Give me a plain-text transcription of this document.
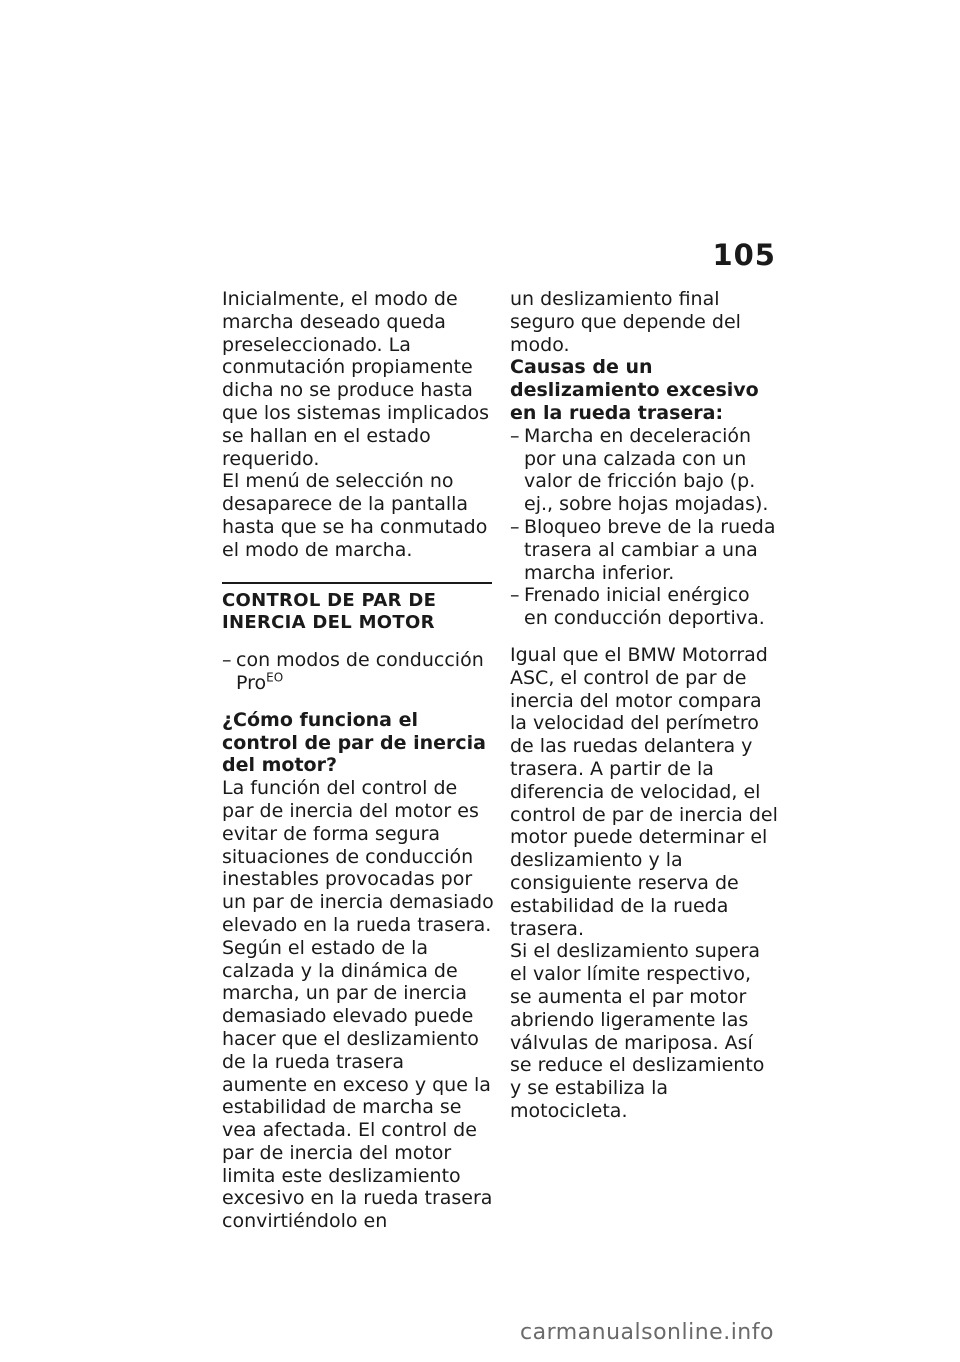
105

Inicialmente, el modo de marcha deseado queda preseleccionado. La conmutación propiamente dicha no se produce hasta que los sistemas implicados se hallan en el estado requerido.

El menú de selección no desaparece de la pantalla hasta que se ha conmutado el modo de marcha.

CONTROL DE PAR DE INERCIA DEL MOTOR

– con modos de conducción Pro$^{EO}$

¿Cómo funciona el control de par de inercia del motor?

La función del control de par de inercia del motor es evitar de forma segura situaciones de conducción inestables provocadas por un par de inercia demasiado elevado en la rueda trasera. Según el estado de la calzada y la dinámica de marcha, un par de inercia demasiado elevado puede hacer que el deslizamiento de la rueda trasera aumente en exceso y que la estabilidad de marcha se vea afectada. El control de par de inercia del motor limita este deslizamiento excesivo en la rueda trasera convirtiéndolo en

un deslizamiento final seguro que depende del modo.

Causas de un deslizamiento excesivo en la rueda trasera:

– Marcha en deceleración por una calzada con un valor de fricción bajo (p. ej., sobre hojas mojadas).

– Bloqueo breve de la rueda trasera al cambiar a una marcha inferior.

– Frenado inicial enérgico en conducción deportiva.

Igual que el BMW Motorrad ASC, el control de par de inercia del motor compara la velocidad del perímetro de las ruedas delantera y trasera. A partir de la diferencia de velocidad, el control de par de inercia del motor puede determinar el deslizamiento y la consiguiente reserva de estabilidad de la rueda trasera.

Si el deslizamiento supera el valor límite respectivo, se aumenta el par motor abriendo ligeramente las válvulas de mariposa. Así se reduce el deslizamiento y se estabiliza la motocicleta.

carmanualsonline.info
